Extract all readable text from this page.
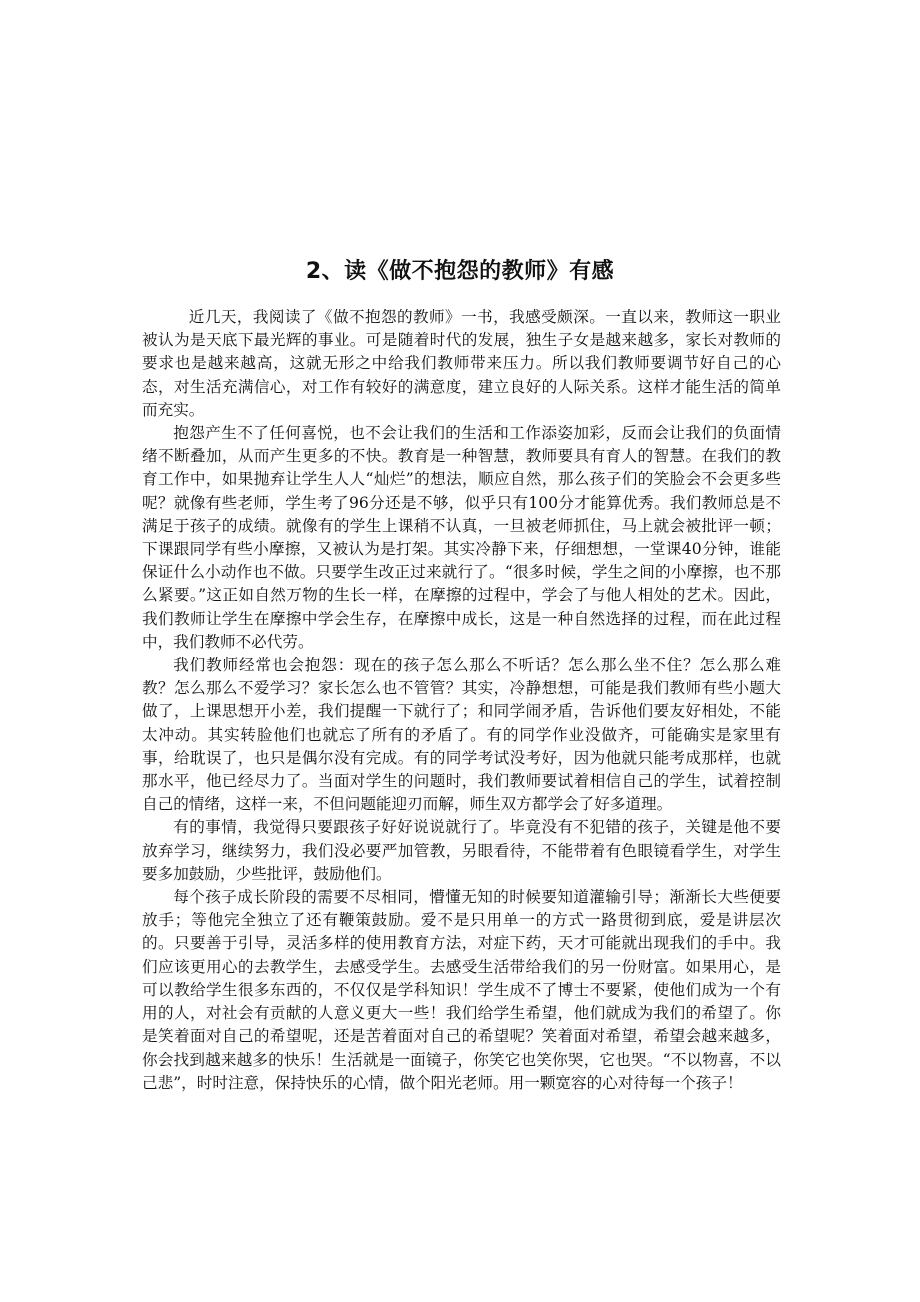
2、读《做不抱怨的教师》有感

近几天，我阅读了《做不抱怨的教师》一书，我感受颇深。一直以来，教师这一职业被认为是天底下最光辉的事业。可是随着时代的发展，独生子女是越来越多，家长对教师的要求也是越来越高，这就无形之中给我们教师带来压力。所以我们教师要调节好自己的心态，对生活充满信心，对工作有较好的满意度，建立良好的人际关系。这样才能生活的简单而充实。

抱怨产生不了任何喜悦，也不会让我们的生活和工作添姿加彩，反而会让我们的负面情绪不断叠加，从而产生更多的不快。教育是一种智慧，教师要具有育人的智慧。在我们的教育工作中，如果抛弃让学生人人“灿烂”的想法，顺应自然，那么孩子们的笑脸会不会更多些呢？就像有些老师，学生考了96分还是不够，似乎只有100分才能算优秀。我们教师总是不满足于孩子的成绩。就像有的学生上课稍不认真，一旦被老师抓住，马上就会被批评一顿；下课跟同学有些小摩擦，又被认为是打架。其实冷静下来，仔细想想，一堂课40分钟，谁能保证什么小动作也不做。只要学生改正过来就行了。“很多时候，学生之间的小摩擦，也不那么紧要。”这正如自然万物的生长一样，在摩擦的过程中，学会了与他人相处的艺术。因此，我们教师让学生在摩擦中学会生存，在摩擦中成长，这是一种自然选择的过程，而在此过程中，我们教师不必代劳。

我们教师经常也会抱怨：现在的孩子怎么那么不听话？怎么那么坐不住？怎么那么难教？怎么那么不爱学习？家长怎么也不管管？其实，冷静想想，可能是我们教师有些小题大做了，上课思想开小差，我们提醒一下就行了；和同学闹矛盾，告诉他们要友好相处，不能太冲动。其实转脸他们也就忘了所有的矛盾了。有的同学作业没做齐，可能确实是家里有事，给耽误了，也只是偶尔没有完成。有的同学考试没考好，因为他就只能考成那样，也就那水平，他已经尽力了。当面对学生的问题时，我们教师要试着相信自己的学生，试着控制自己的情绪，这样一来，不但问题能迎刃而解，师生双方都学会了好多道理。

有的事情，我觉得只要跟孩子好好说说就行了。毕竟没有不犯错的孩子，关键是他不要放弃学习，继续努力，我们没必要严加管教，另眼看待，不能带着有色眼镜看学生，对学生要多加鼓励，少些批评，鼓励他们。

每个孩子成长阶段的需要不尽相同，懵懂无知的时候要知道灌输引导；渐渐长大些便要放手；等他完全独立了还有鞭策鼓励。爱不是只用单一的方式一路贯彻到底，爱是讲层次的。只要善于引导，灵活多样的使用教育方法，对症下药，天才可能就出现我们的手中。我们应该更用心的去教学生，去感受学生。去感受生活带给我们的另一份财富。如果用心，是可以教给学生很多东西的，不仅仅是学科知识！学生成不了博士不要紧，使他们成为一个有用的人，对社会有贡献的人意义更大一些！我们给学生希望，他们就成为我们的希望了。你是笑着面对自己的希望呢，还是苦着面对自己的希望呢？笑着面对希望，希望会越来越多，你会找到越来越多的快乐！生活就是一面镜子，你笑它也笑你哭，它也哭。“不以物喜，不以己悲”，时时注意，保持快乐的心情，做个阳光老师。用一颗宽容的心对待每一个孩子！
